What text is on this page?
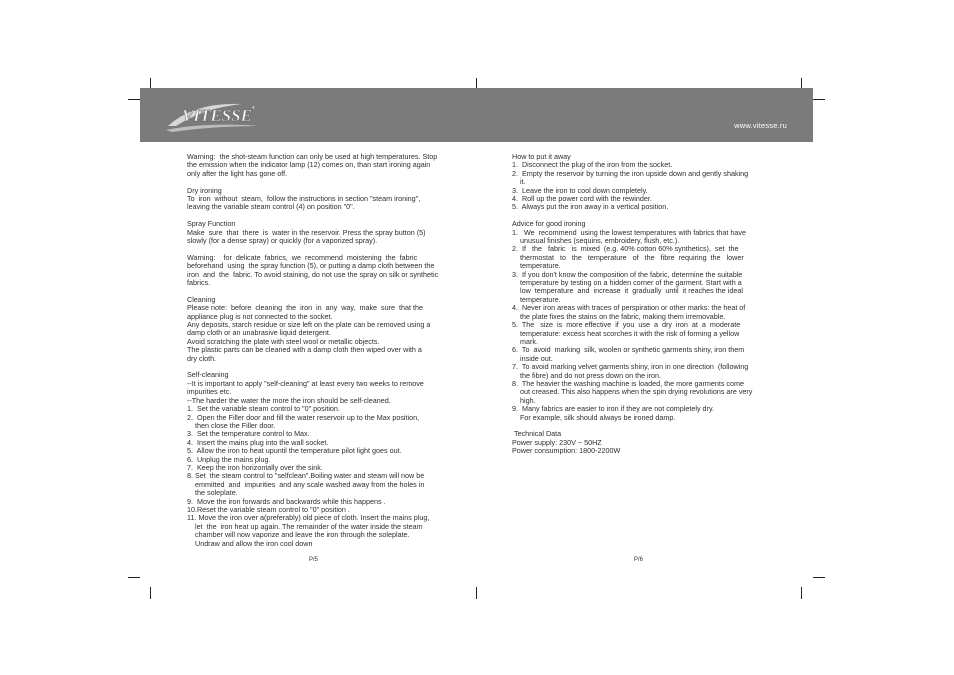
VITESSE ®
www.vitesse.ru
Warning:  the shot-steam function can only be used at high temperatures. Stop
the emission when the indicator lamp (12) comes on, than start ironing again
only after the light has gone off.
Dry ironing
To  iron  without  steam,  follow the instructions in section "steam ironing",
leaving the variable steam control (4) on position "0".
Spray Function
Make  sure  that  there  is  water in the reservoir. Press the spray button (5)
slowly (for a dense spray) or quickly (for a vaporized spray).
Warning:    for  delicate  fabrics,  we  recommend  moistening  the  fabric
beforehand  using  the spray function (5), or putting a damp cloth between the
iron  and  the  fabric. To avoid staining, do not use the spray on silk or synthetic
fabrics.
Cleaning
Please note:  before  cleaning  the  iron  in  any  way,  make  sure  that the
appliance plug is not connected to the socket.
Any deposits, starch residue or size left on the plate can be removed using a
damp cloth or an unabrasive liquid detergent.
Avoid scratching the plate with steel wool or metallic objects.
The plastic parts can be cleaned with a damp cloth then wiped over with a
dry cloth.
Self-cleaning
--It is important to apply "self-cleaning" at least every two weeks to remove
impurities etc.
--The harder the water the more the iron should be self-cleaned.
1.  Set the variable steam control to "0" position.
2.  Open the Filler door and fill the water reservoir up to the Max position,
then close the Filler door.
3.  Set the temperature control to Max.
4.  Insert the mains plug into the wall socket.
5.  Allow the iron to heat upuntil the temperature pilot light goes out.
6.  Unplug the mains plug.
7.  Keep the iron horizontally over the sink.
8. Set  the steam control to "selfclean".Boiling water and steam will now be
emmitted  and  impurities  and any scale washed away from the holes in
the soleplate.
9.  Move the iron forwards and backwards while this happens .
10.Reset the variable steam control to "0" position .
11. Move the iron over a(preferably) old piece of cloth. Insert the mains plug,
let  the  iron heat up again. The remainder of the water inside the steam
chamber will now vaporize and leave the iron through the soleplate.
Undraw and allow the iron cool down
How to put it away
1.  Disconnect the plug of the iron from the socket.
2.  Empty the reservoir by turning the iron upside down and gently shaking
it.
3.  Leave the iron to cool down completely.
4.  Roll up the power cord with the rewinder.
5.  Always put the iron away in a vertical position.
Advice for good ironing
1.   We  recommend  using the lowest temperatures with fabrics that have
unusual finishes (sequins, embroidery, flush, etc.).
2.  If   the   fabric   is  mixed  (e.g. 40% cotton 60% synthetics),  set  the
thermostat   to   the   temperature   of   the   fibre  requiring  the   lower
temperature.
3.  If you don't know the composition of the fabric, determine the suitable
temperature by testing on a hidden corner of the garment. Start with a
low  temperature  and  increase  it  gradually  until  it reaches the ideal
temperature.
4.  Never iron areas with traces of perspiration or other marks: the heat of
the plate fixes the stains on the fabric, making them irremovable.
5.  The   size  is  more effective  if  you  use  a  dry  iron  at  a  moderate
temperature: excess heat scorches it with the risk of forming a yellow
mark.
6.  To  avoid  marking  silk, woolen or synthetic garments shiny, iron them
inside out.
7.  To avoid marking velvet garments shiny, iron in one direction  (following
the fibre) and do not press down on the iron.
8.  The heavier the washing machine is loaded, the more garments come
out creased. This also happens when the spin drying revolutions are very
high.
9.  Many fabrics are easier to iron if they are not completely dry.
For example, silk should always be ironed damp.
Technical Data
Power supply: 230V ~ 50HZ
Power consumption: 1800-2200W
P/5	P/6
